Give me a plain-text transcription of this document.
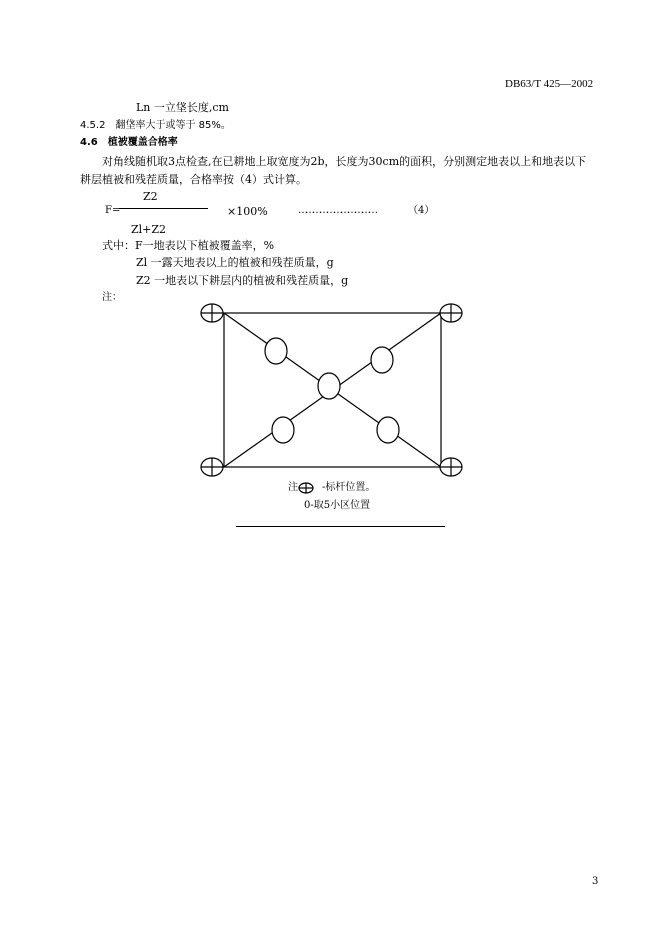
DB63/T 425—2002
Ln 一立垡长度,cm
4.5.2　翻垡率大于或等于 85%。
4.6　植被覆盖合格率
对角线随机取3点检查,在已耕地上取宽度为2b，长度为30cm的面积，分别测定地表以上和地表以下
耕层植被和残茬质量，合格率按（4）式计算。
F=
Z2
Zl+Z2
×100%	……………………………	（4）
式中：F一地表以下植被覆盖率，%
Zl 一露天地表以上的植被和残茬质量，g
Z2 一地表以下耕层内的植被和残茬质量，g
注：
注 -标杆位置。
0-取5小区位置
3
